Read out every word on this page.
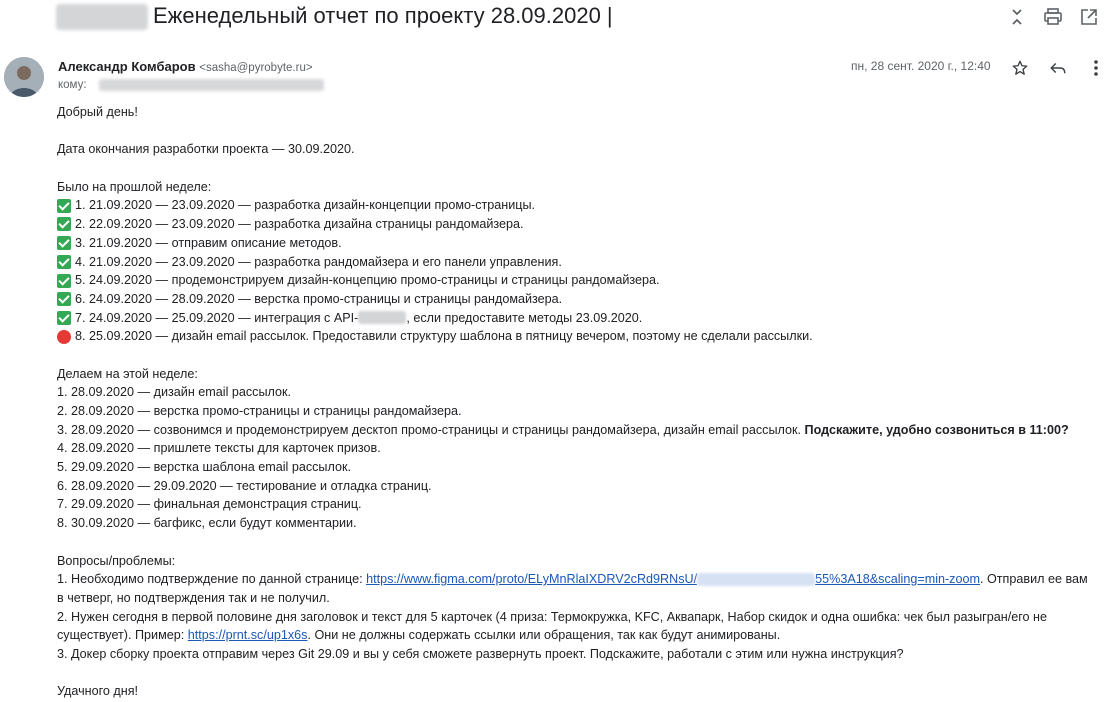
Еженедельный отчет по проекту 28.09.2020 |
Александр Комбаров <sasha@pyrobyte.ru>
кому:
пн, 28 сент. 2020 г., 12:40
Добрый день!
Дата окончания разработки проекта — 30.09.2020.
Было на прошлой неделе:
1. 21.09.2020 — 23.09.2020 — разработка дизайн-концепции промо-страницы.
2. 22.09.2020 — 23.09.2020 — разработка дизайна страницы рандомайзера.
3. 21.09.2020 — отправим описание методов.
4. 21.09.2020 — 23.09.2020 — разработка рандомайзера и его панели управления.
5. 24.09.2020 — продемонстрируем дизайн-концепцию промо-страницы и страницы рандомайзера.
6. 24.09.2020 — 28.09.2020 — верстка промо-страницы и страницы рандомайзера.
7. 24.09.2020 — 25.09.2020 — интеграция с API-	, если предоставите методы 23.09.2020.
8. 25.09.2020 — дизайн email рассылок. Предоставили структуру шаблона в пятницу вечером, поэтому не сделали рассылки.
Делаем на этой неделе:
1. 28.09.2020 — дизайн email рассылок.
2. 28.09.2020 — верстка промо-страницы и страницы рандомайзера.
3. 28.09.2020 — созвонимся и продемонстрируем десктоп промо-страницы и страницы рандомайзера, дизайн email рассылок.
Подскажите, удобно созвониться в 11:00?
4. 28.09.2020 — пришлете тексты для карточек призов.
5. 29.09.2020 — верстка шаблона email рассылок.
6. 28.09.2020 — 29.09.2020 — тестирование и отладка страниц.
7. 29.09.2020 — финальная демонстрация страниц.
8. 30.09.2020 — багфикс, если будут комментарии.
Вопросы/проблемы:
1. Необходимо подтверждение по данной странице:
https://www.figma.com/proto/ELyMnRlaIXDRV2cRd9RNsU/	55%3A18&scaling=min-zoom . Отправил ее вам
в четверг, но подтверждения так и не получил.
2. Нужен сегодня в первой половине дня заголовок и текст для 5 карточек (4 приза: Термокружка, KFC, Аквапарк, Набор скидок и одна ошибка: чек был разыгран/его не
существует). Пример:
https://prnt.sc/up1x6s . Они не должны содержать ссылки или обращения, так как будут анимированы.
3. Докер сборку проекта отправим через Git 29.09 и вы у себя сможете развернуть проект. Подскажите, работали с этим или нужна инструкция?
Удачного дня!
